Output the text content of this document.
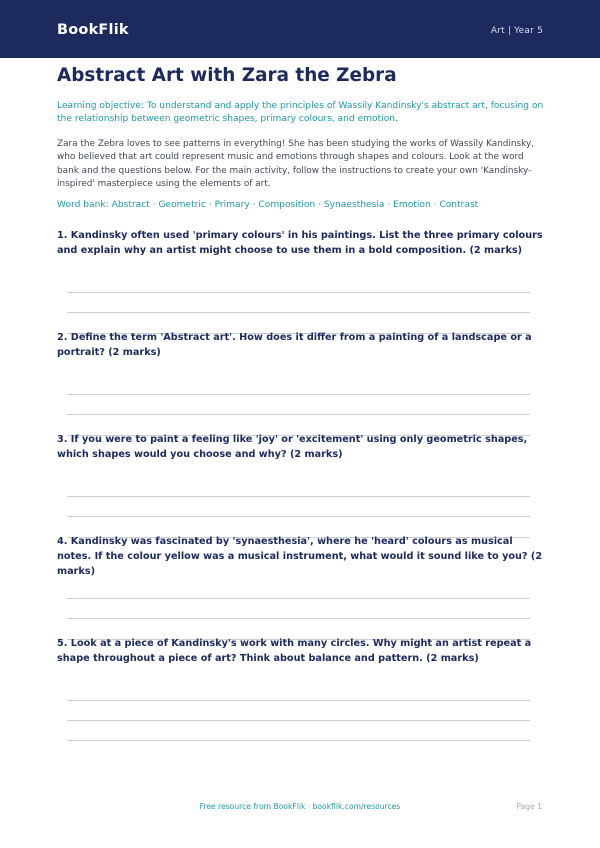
BookFlik	Art | Year 5
Abstract Art with Zara the Zebra

Learning objective: To understand and apply the principles of Wassily Kandinsky's abstract art, focusing on the relationship between geometric shapes, primary colours, and emotion.

Zara the Zebra loves to see patterns in everything! She has been studying the works of Wassily Kandinsky, who believed that art could represent music and emotions through shapes and colours. Look at the word bank and the questions below. For the main activity, follow the instructions to create your own 'Kandinsky-inspired' masterpiece using the elements of art.

Word bank: Abstract · Geometric · Primary · Composition · Synaesthesia · Emotion · Contrast

1. Kandinsky often used 'primary colours' in his paintings. List the three primary colours and explain why an artist might choose to use them in a bold composition. (2 marks)
2. Define the term 'Abstract art'. How does it differ from a painting of a landscape or a portrait? (2 marks)
3. If you were to paint a feeling like 'joy' or 'excitement' using only geometric shapes, which shapes would you choose and why? (2 marks)
4. Kandinsky was fascinated by 'synaesthesia', where he 'heard' colours as musical notes. If the colour yellow was a musical instrument, what would it sound like to you? (2 marks)
5. Look at a piece of Kandinsky's work with many circles. Why might an artist repeat a shape throughout a piece of art? Think about balance and pattern. (2 marks)
Free resource from BookFlik · bookflik.com/resources	Page 1
